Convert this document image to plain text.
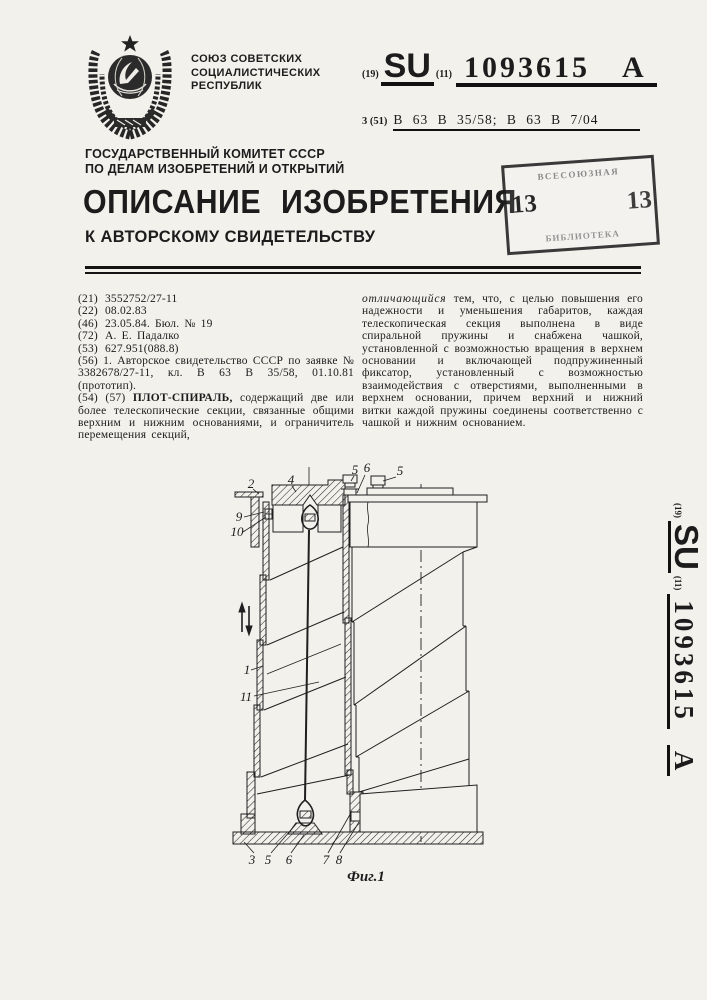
СОЮЗ СОВЕТСКИХ
СОЦИАЛИСТИЧЕСКИХ
РЕСПУБЛИК
(19) SU (11) 1093615 A
3 (51) B 63 B 35/58; B 63 B 7/04
ГОСУДАРСТВЕННЫЙ КОМИТЕТ СССР
ПО ДЕЛАМ ИЗОБРЕТЕНИЙ И ОТКРЫТИЙ
ОПИСАНИЕ ИЗОБРЕТЕНИЯ
К АВТОРСКОМУ СВИДЕТЕЛЬСТВУ
ВСЕСОЮЗНАЯ
13	13
БИБЛИОТЕКА
(21) 3552752/27-11
(22) 08.02.83
(46) 23.05.84. Бюл. № 19
(72) А. Е. Падалко
(53) 627.951(088.8)
(56) 1. Авторское свидетельство СССР по заявке № 3382678/27-11, кл. B 63 B 35/58, 01.10.81 (прототип).
(54) (57) ПЛОТ-СПИРАЛЬ, содержащий две или более телескопические секции, связанные общими верхним и нижним основаниями, и ограничитель перемещения секций,
отличающийся тем, что, с целью повышения его надежности и уменьшения габаритов, каждая телескопическая секция выполнена в виде спиральной пружины и снабжена чашкой, установленной с возможностью вращения в верхнем основании и включающей подпружиненный фиксатор, установленный с возможностью взаимодействия с отверстиями, выполненными в верхнем основании, причем верхний и нижний витки каждой пружины соединены соответственно с чашкой и нижним основанием.
2	4
5 6 5
9
10
1
11
3 5 6 7 8
Фиг.1
(19)
SU
(11)
1093615
A
